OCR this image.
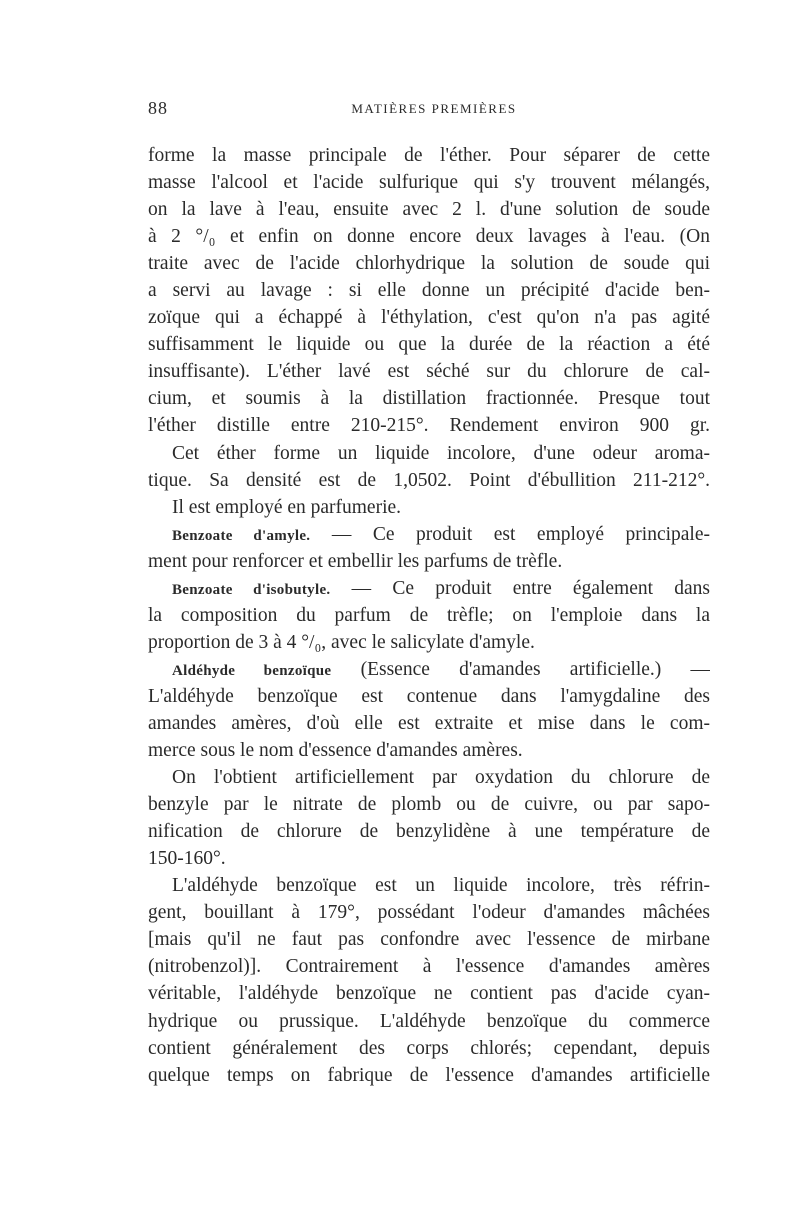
88	MATIÈRES PREMIÈRES
forme la masse principale de l'éther. Pour séparer de cette
masse l'alcool et l'acide sulfurique qui s'y trouvent mélangés,
on la lave à l'eau, ensuite avec 2 l. d'une solution de soude
à 2 °/₀ et enfin on donne encore deux lavages à l'eau. (On
traite avec de l'acide chlorhydrique la solution de soude qui
a servi au lavage : si elle donne un précipité d'acide ben-
zoïque qui a échappé à l'éthylation, c'est qu'on n'a pas agité
suffisamment le liquide ou que la durée de la réaction a été
insuffisante). L'éther lavé est séché sur du chlorure de cal-
cium, et soumis à la distillation fractionnée. Presque tout
l'éther distille entre 210-215°. Rendement environ 900 gr.
Cet éther forme un liquide incolore, d'une odeur aroma-
tique. Sa densité est de 1,0502. Point d'ébullition 211-212°.
Il est employé en parfumerie.
Benzoate d'amyle. — Ce produit est employé principale-
ment pour renforcer et embellir les parfums de trèfle.
Benzoate d'isobutyle. — Ce produit entre également dans
la composition du parfum de trèfle; on l'emploie dans la
proportion de 3 à 4 °/₀, avec le salicylate d'amyle.
Aldéhyde benzoïque (Essence d'amandes artificielle.) —
L'aldéhyde benzoïque est contenue dans l'amygdaline des
amandes amères, d'où elle est extraite et mise dans le com-
merce sous le nom d'essence d'amandes amères.
On l'obtient artificiellement par oxydation du chlorure de
benzyle par le nitrate de plomb ou de cuivre, ou par sapo-
nification de chlorure de benzylidène à une température de
150-160°.
L'aldéhyde benzoïque est un liquide incolore, très réfrin-
gent, bouillant à 179°, possédant l'odeur d'amandes mâchées
[mais qu'il ne faut pas confondre avec l'essence de mirbane
(nitrobenzol)]. Contrairement à l'essence d'amandes amères
véritable, l'aldéhyde benzoïque ne contient pas d'acide cyan-
hydrique ou prussique. L'aldéhyde benzoïque du commerce
contient généralement des corps chlorés; cependant, depuis
quelque temps on fabrique de l'essence d'amandes artificielle
